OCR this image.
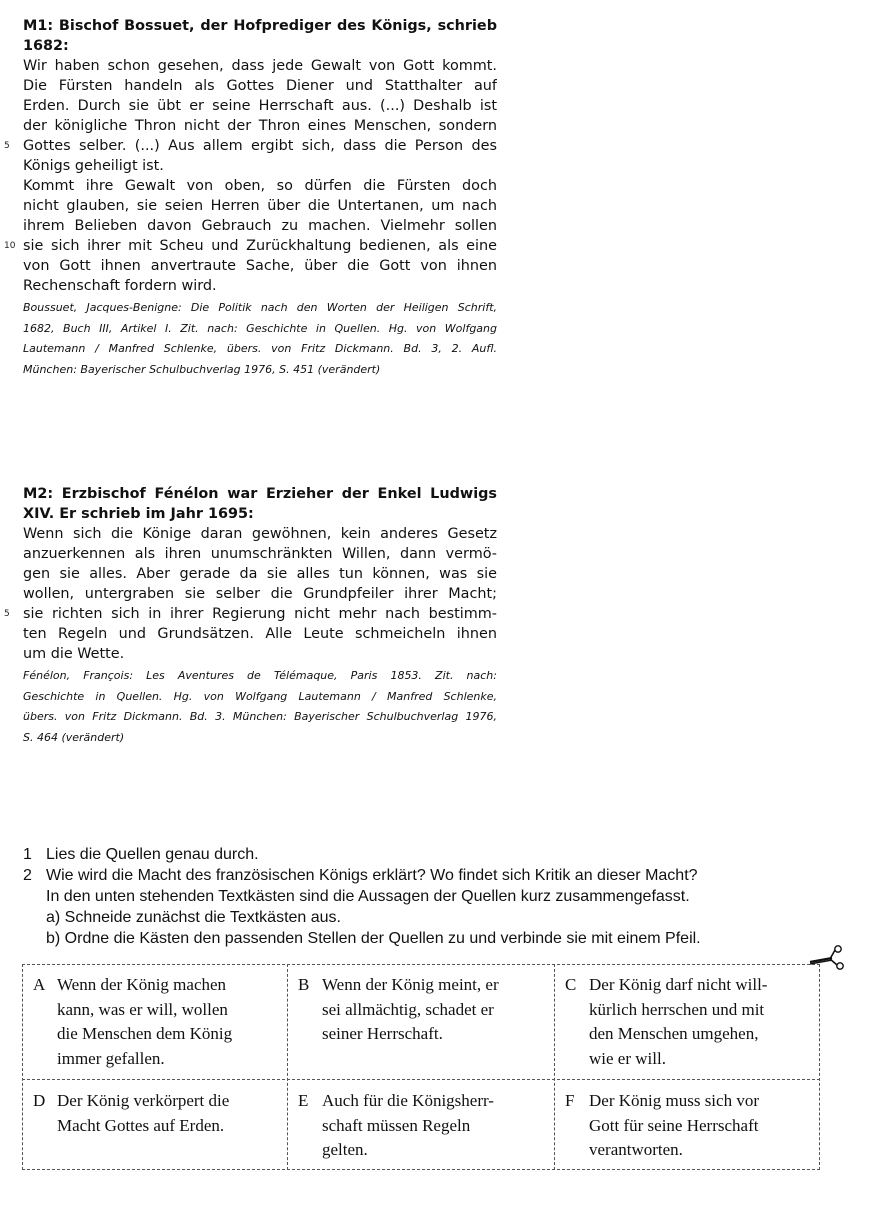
M1: Bischof Bossuet, der Hofprediger des Königs, schrieb 1682:
Wir haben schon gesehen, dass jede Gewalt von Gott kommt.
Die Fürsten handeln als Gottes Diener und Statthalter auf
Erden. Durch sie übt er seine Herrschaft aus. (...) Deshalb ist
der königliche Thron nicht der Thron eines Menschen, sondern
5 Gottes selber. (...) Aus allem ergibt sich, dass die Person des
Königs geheiligt ist.
Kommt ihre Gewalt von oben, so dürfen die Fürsten doch
nicht glauben, sie seien Herren über die Untertanen, um nach
ihrem Belieben davon Gebrauch zu machen. Vielmehr sollen
10 sie sich ihrer mit Scheu und Zurückhaltung bedienen, als eine
von Gott ihnen anvertraute Sache, über die Gott von ihnen
Rechenschaft fordern wird.
Boussuet, Jacques-Benigne: Die Politik nach den Worten der Heiligen Schrift,
1682, Buch III, Artikel I. Zit. nach: Geschichte in Quellen. Hg. von Wolfgang
Lautemann / Manfred Schlenke, übers. von Fritz Dickmann. Bd. 3, 2. Aufl.
München: Bayerischer Schulbuchverlag 1976, S. 451 (verändert)
M2: Erzbischof Fénélon war Erzieher der Enkel Ludwigs XIV. Er schrieb im Jahr 1695:
Wenn sich die Könige daran gewöhnen, kein anderes Gesetz
anzuerkennen als ihren unumschränkten Willen, dann vermö-
gen sie alles. Aber gerade da sie alles tun können, was sie
wollen, untergraben sie selber die Grundpfeiler ihrer Macht;
5 sie richten sich in ihrer Regierung nicht mehr nach bestimm-
ten Regeln und Grundsätzen. Alle Leute schmeicheln ihnen
um die Wette.
Fénélon, François: Les Aventures de Télémaque, Paris 1853. Zit. nach:
Geschichte in Quellen. Hg. von Wolfgang Lautemann / Manfred Schlenke,
übers. von Fritz Dickmann. Bd. 3. München: Bayerischer Schulbuchverlag 1976,
S. 464 (verändert)
1 Lies die Quellen genau durch.
2 Wie wird die Macht des französischen Königs erklärt? Wo findet sich Kritik an dieser Macht?
In den unten stehenden Textkästen sind die Aussagen der Quellen kurz zusammengefasst.
a) Schneide zunächst die Textkästen aus.
b) Ordne die Kästen den passenden Stellen der Quellen zu und verbinde sie mit einem Pfeil.
A Wenn der König machen
kann, was er will, wollen
die Menschen dem König
immer gefallen.
B Wenn der König meint, er
sei allmächtig, schadet er
seiner Herrschaft.
C Der König darf nicht will-
kürlich herrschen und mit
den Menschen umgehen,
wie er will.
D Der König verkörpert die
Macht Gottes auf Erden.
E Auch für die Königsherr-
schaft müssen Regeln
gelten.
F Der König muss sich vor
Gott für seine Herrschaft
verantworten.
